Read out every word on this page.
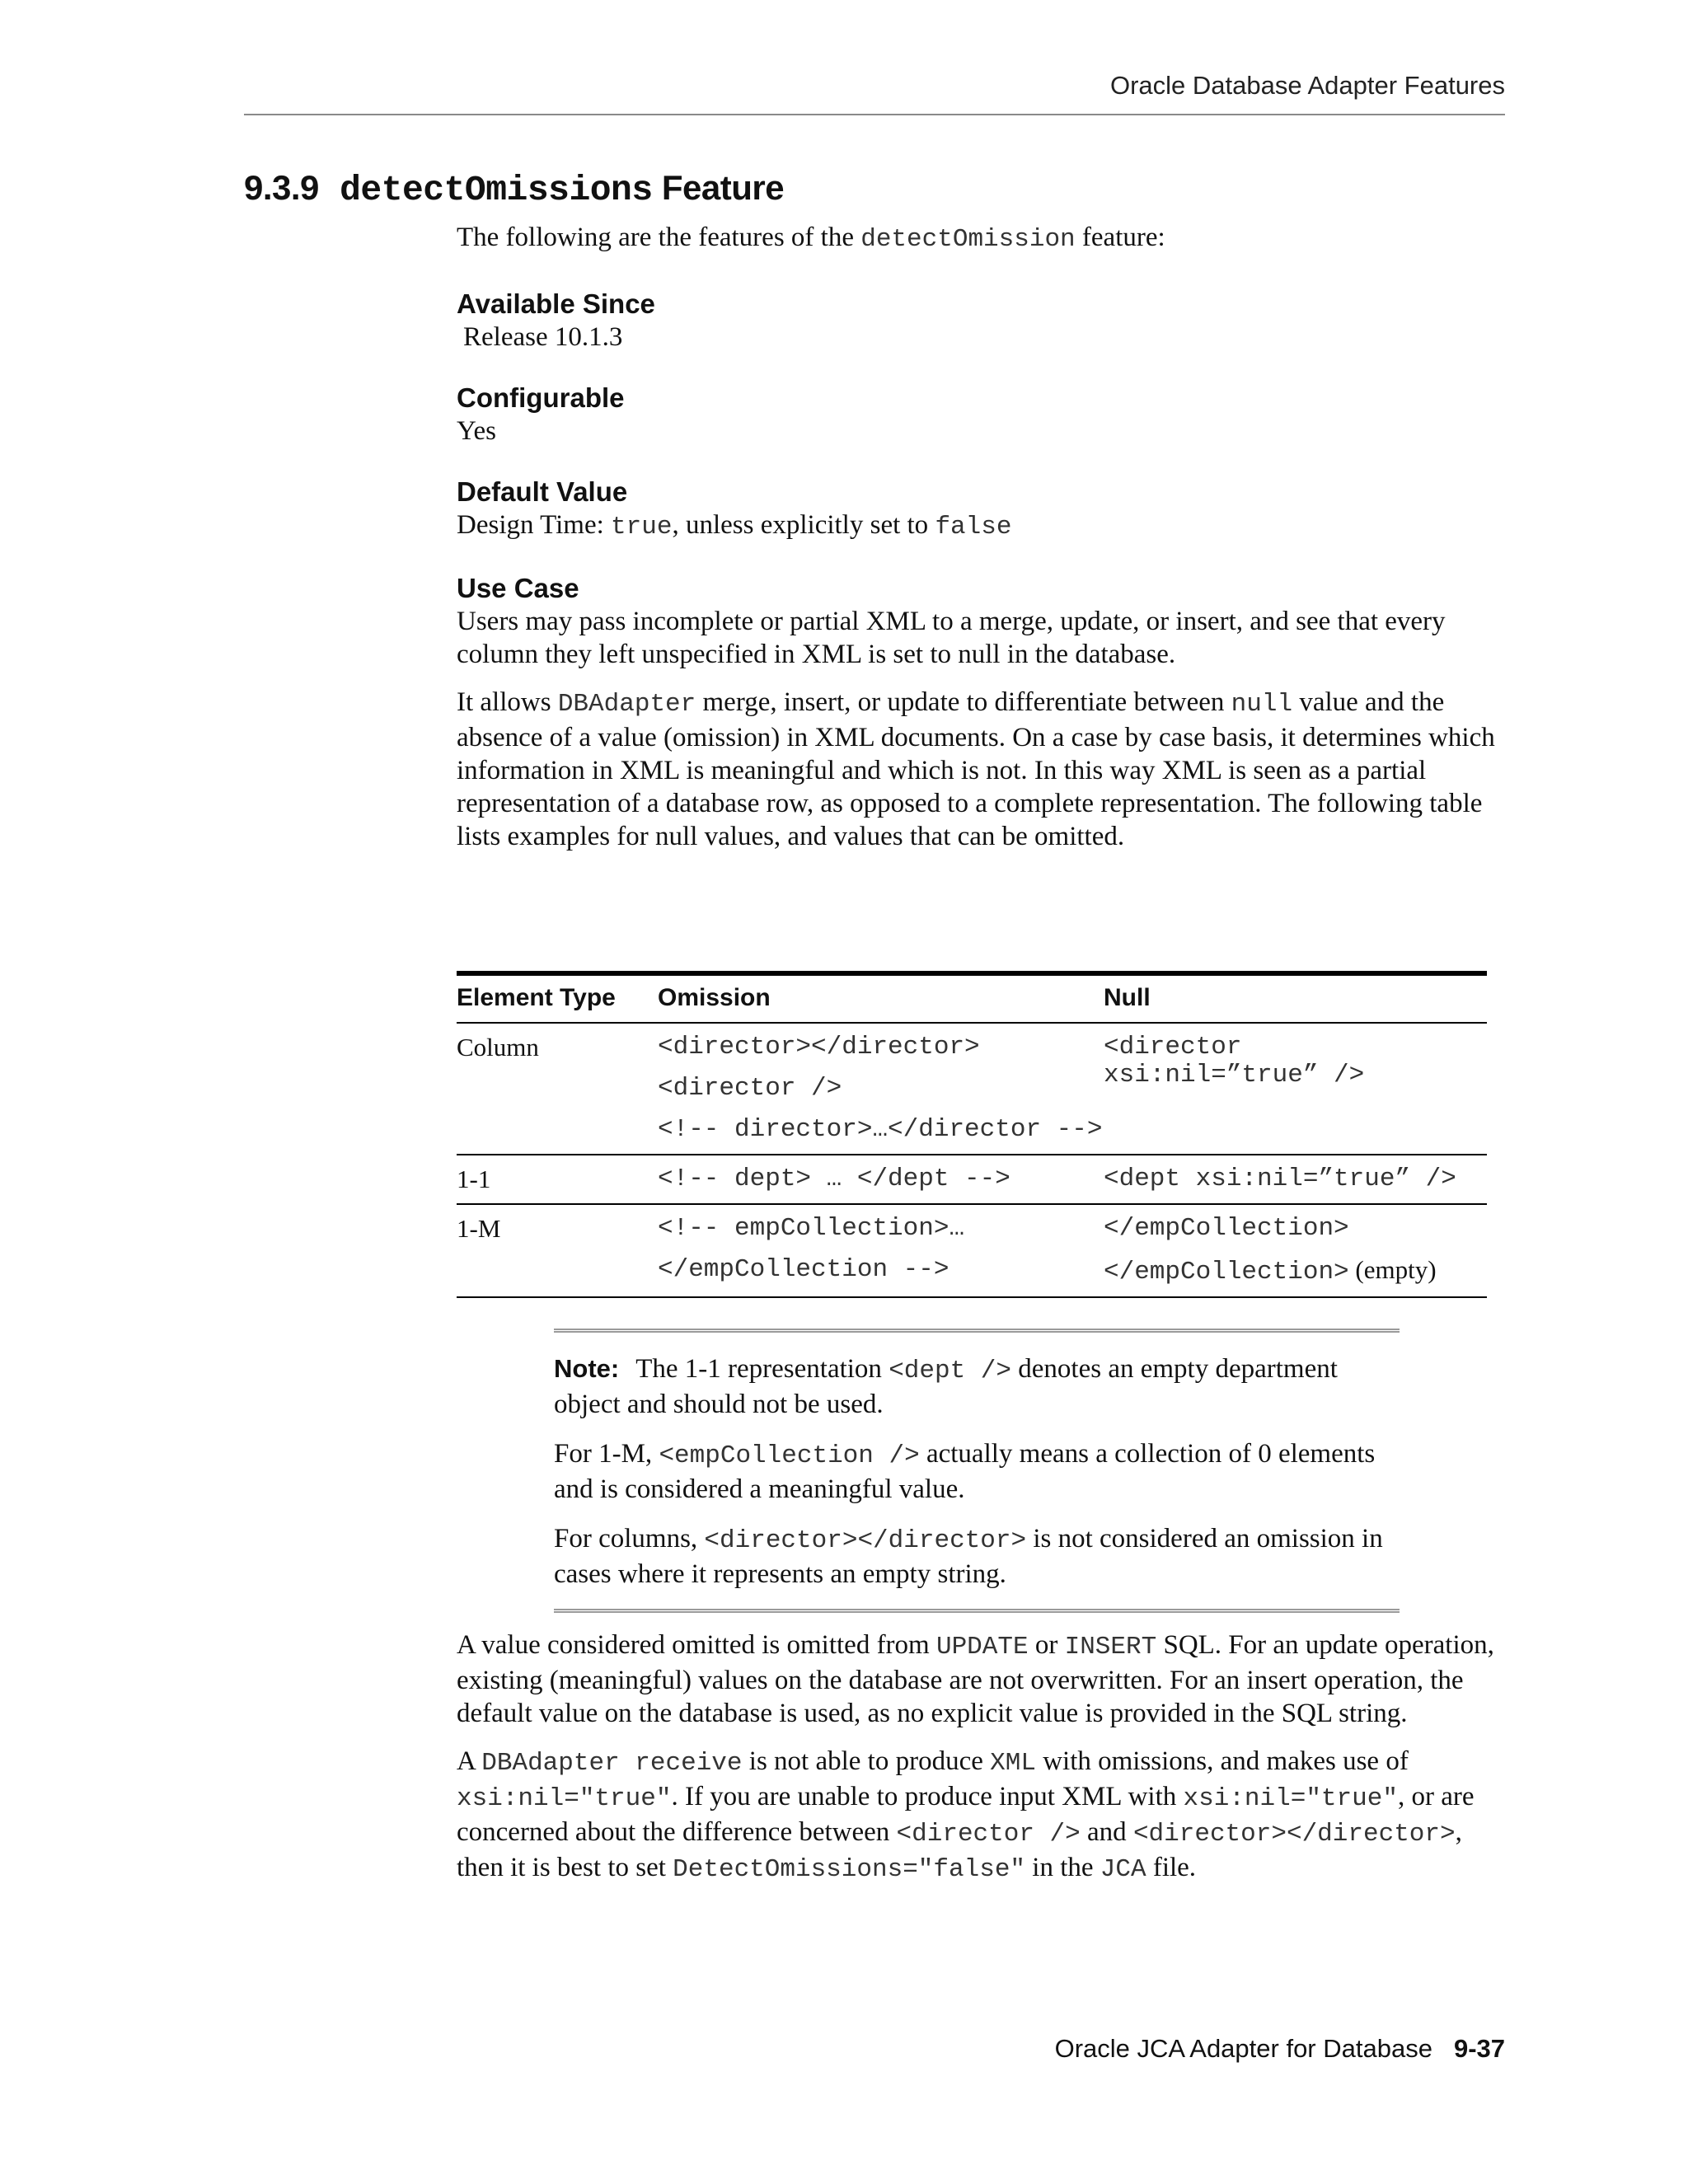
Oracle Database Adapter Features
9.3.9 detectOmissions Feature

The following are the features of the detectOmission feature:

Available Since

Release 10.1.3

Configurable

Yes

Default Value

Design Time: true, unless explicitly set to false

Use Case

Users may pass incomplete or partial XML to a merge, update, or insert, and see that every column they left unspecified in XML is set to null in the database.

It allows DBAdapter merge, insert, or update to differentiate between null value and the absence of a value (omission) in XML documents. On a case by case basis, it determines which information in XML is meaningful and which is not. In this way XML is seen as a partial representation of a database row, as opposed to a complete representation. The following table lists examples for null values, and values that can be omitted.

Element Type	Omission	Null
Column	<director></director>
<director />
<!-- director>…</director -->	<director xsi:nil=”true” />

1-1	<!-- dept> … </dept -->	<dept xsi:nil=”true” />

1-M	<!-- empCollection>…
</empCollection -->	</empCollection>
</empCollection> (empty)

Note: The 1-1 representation <dept /> denotes an empty department object and should not be used.

For 1-M, <empCollection /> actually means a collection of 0 elements and is considered a meaningful value.

For columns, <director></director> is not considered an omission in cases where it represents an empty string.

A value considered omitted is omitted from UPDATE or INSERT SQL. For an update operation, existing (meaningful) values on the database are not overwritten. For an insert operation, the default value on the database is used, as no explicit value is provided in the SQL string.

A DBAdapter receive is not able to produce XML with omissions, and makes use of xsi:nil="true". If you are unable to produce input XML with xsi:nil="true", or are concerned about the difference between <director /> and <director></director>, then it is best to set DetectOmissions="false" in the JCA file.

Oracle JCA Adapter for Database 9-37
